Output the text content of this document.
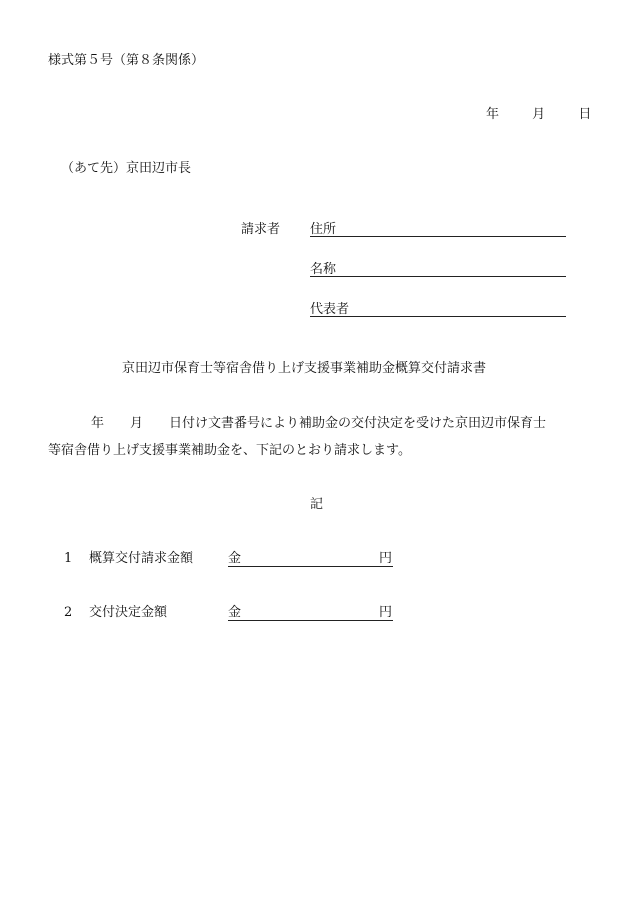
様式第５号（第８条関係）
年	月	日
（あて先）京田辺市長
請求者 住所
名称
代表者
京田辺市保育士等宿舎借り上げ支援事業補助金概算交付請求書
年　　月　　日付け文書番号により補助金の交付決定を受けた京田辺市保育士
等宿舎借り上げ支援事業補助金を、下記のとおり請求します。
記
1 概算交付請求金額	金	円
2 交付決定金額	金	円
